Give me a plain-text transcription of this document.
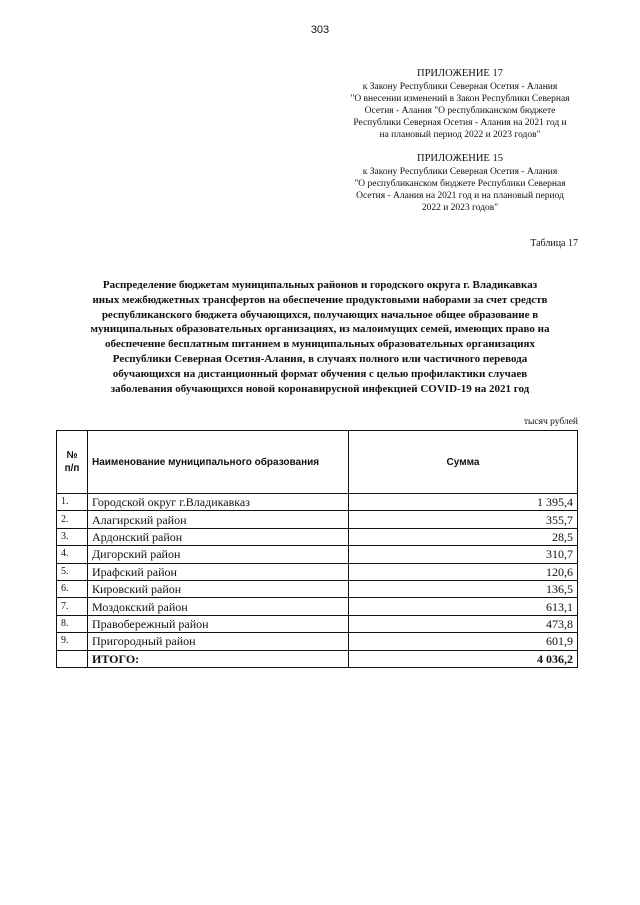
303
ПРИЛОЖЕНИЕ 17
к Закону Республики Северная Осетия - Алания
"О внесении изменений в Закон Республики Северная
Осетия - Алания "О республиканском бюджете
Республики Северная Осетия - Алания на 2021 год и
на плановый период 2022 и 2023 годов"
ПРИЛОЖЕНИЕ 15
к Закону Республики Северная Осетия - Алания
"О республиканском бюджете Республики Северная
Осетия - Алания на 2021 год и на плановый период
2022 и 2023 годов"
Таблица 17
Распределение бюджетам муниципальных районов и городского округа г. Владикавказ
иных межбюджетных трансфертов на обеспечение продуктовыми наборами за счет средств
республиканского бюджета обучающихся, получающих начальное общее образование в
муниципальных образовательных организациях, из малоимущих семей, имеющих право на
обеспечение бесплатным питанием в муниципальных образовательных организациях
Республики Северная Осетия-Алания, в случаях полного или частичного перевода
обучающихся на дистанционный формат обучения с целью профилактики случаев
заболевания обучающихся новой коронавирусной инфекцией COVID-19 на 2021 год
тысяч рублей
№
п/п	Наименование муниципального образования	Сумма
1.	Городской округ г.Владикавказ	1 395,4
2.	Алагирский район	355,7
3.	Ардонский район	28,5
4.	Дигорский район	310,7
5.	Ирафский район	120,6
6.	Кировский район	136,5
7.	Моздокский район	613,1
8.	Правобережный район	473,8
9.	Пригородный район	601,9
	ИТОГО:	4 036,2
